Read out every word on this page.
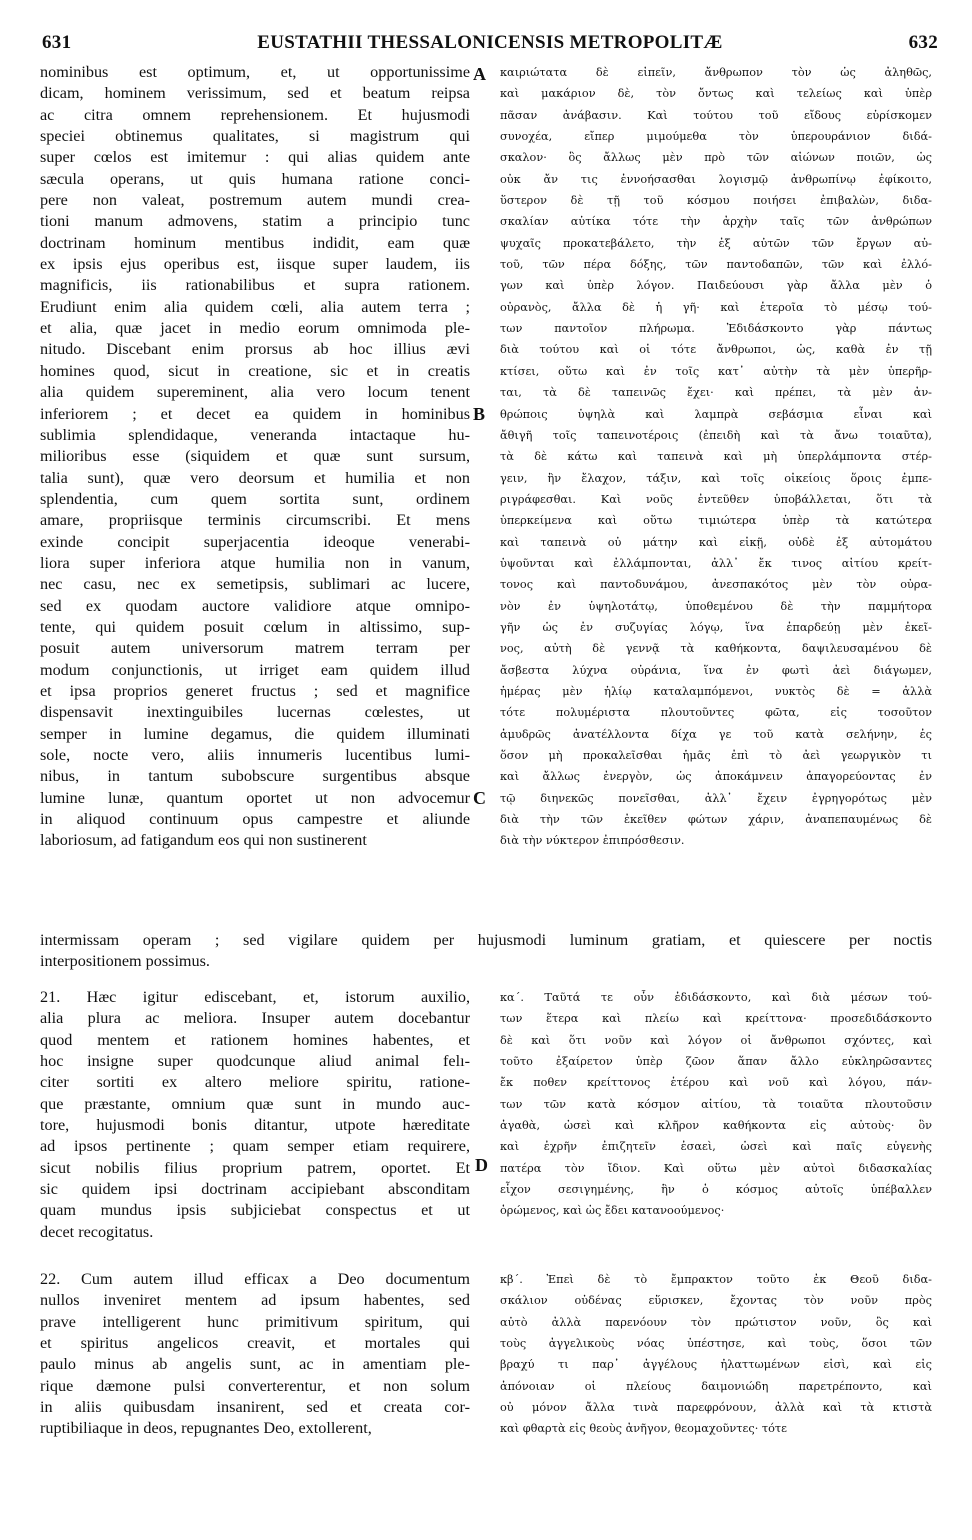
631	EUSTATHII THESSALONICENSIS METROPOLITÆ	632
A
B
C
D

nominibus est optimum, et, ut opportunissime

dicam, hominem verissimum, sed et beatum reipsa

ac citra omnem reprehensionem. Et hujusmodi

speciei obtinemus qualitates, si magistrum qui

super cœlos est imitemur : qui alias quidem ante

sæcula operans, ut quis humana ratione conci-

pere non valeat, postremum autem mundi crea-

tioni manum admovens, statim a principio tunc

doctrinam hominum mentibus indidit, eam quæ

ex ipsis ejus operibus est, iisque super laudem, iis

magnificis, iis rationabilibus et supra rationem.

Erudiunt enim alia quidem cœli, alia autem terra ;

et alia, quæ jacet in medio eorum omnimoda ple-

nitudo. Discebant enim prorsus ab hoc illius ævi

homines quod, sicut in creatione, sic et in creatis

alia quidem supereminent, alia vero locum tenent

inferiorem ; et decet ea quidem in hominibus

sublimia splendidaque, veneranda intactaque hu-

milioribus esse (siquidem et quæ sunt sursum,

talia sunt), quæ vero deorsum et humilia et non

splendentia, cum quem sortita sunt, ordinem

amare, propriisque terminis circumscribi. Et mens

exinde concipit superjacentia ideoque venerabi-

liora super inferiora atque humilia non in vanum,

nec casu, nec ex semetipsis, sublimari ac lucere,

sed ex quodam auctore validiore atque omnipo-

tente, qui quidem posuit cœlum in altissimo, sup-

posuit autem universorum matrem terram per

modum conjunctionis, ut irriget eam quidem illud

et ipsa proprios generet fructus ; sed et magnifice

dispensavit inextinguibiles lucernas cœlestes, ut

semper in lumine degamus, die quidem illuminati

sole, nocte vero, aliis innumeris lucentibus lumi-

nibus, in tantum subobscure surgentibus absque

lumine lunæ, quantum oportet ut non advocemur

in aliquod continuum opus campestre et aliunde

laboriosum, ad fatigandum eos qui non sustinerent

καιριώτατα δὲ εἰπεῖν, ἄνθρωπον τὸν ὡς ἀληθῶς,

καὶ μακάριον δὲ, τὸν ὄντως καὶ τελείως καὶ ὑπὲρ

πᾶσαν ἀνάβασιν. Καὶ τούτου τοῦ εἴδους εὑρίσκομεν

συνοχέα, εἴπερ μιμούμεθα τὸν ὑπερουράνιον διδά-

σκαλον· ὃς ἄλλως μὲν πρὸ τῶν αἰώνων ποιῶν, ὡς

οὐκ ἄν τις ἐννοήσασθαι λογισμῷ ἀνθρωπίνῳ ἐφίκοιτο,

ὕστερον δὲ τῇ τοῦ κόσμου ποιήσει ἐπιβαλὼν, διδα-

σκαλίαν αὐτίκα τότε τὴν ἀρχὴν ταῖς τῶν ἀνθρώπων

ψυχαῖς προκατεβάλετο, τὴν ἐξ αὐτῶν τῶν ἔργων αὐ-

τοῦ, τῶν πέρα δόξης, τῶν παντοδαπῶν, τῶν καὶ ἐλλό-

γων καὶ ὑπὲρ λόγον. Παιδεύουσι γὰρ ἄλλα μὲν ὁ

οὐρανὸς, ἄλλα δὲ ἡ γῆ· καὶ ἑτεροῖα τὸ μέσῳ τού-

των παντοῖον πλήρωμα. Ἐδιδάσκοντο γὰρ πάντως

διὰ τούτου καὶ οἱ τότε ἄνθρωποι, ὡς, καθὰ ἐν τῇ

κτίσει, οὕτω καὶ ἐν τοῖς κατ᾽ αὐτὴν τὰ μὲν ὑπερῆρ-

ται, τὰ δὲ ταπεινῶς ἔχει· καὶ πρέπει, τὰ μὲν ἀν-

θρώποις ὑψηλὰ καὶ λαμπρὰ σεβάσμια εἶναι καὶ

ἄθιγῆ τοῖς ταπεινοτέροις (ἐπειδὴ καὶ τὰ ἄνω τοιαῦτα),

τὰ δὲ κάτω καὶ ταπεινὰ καὶ μὴ ὑπερλάμποντα στέρ-

γειν, ἣν ἔλαχον, τάξιν, καὶ τοῖς οἰκείοις ὅροις ἐμπε-

ριγράφεσθαι. Καὶ νοῦς ἐντεῦθεν ὑποβάλλεται, ὅτι τὰ

ὑπερκείμενα καὶ οὕτω τιμιώτερα ὑπὲρ τὰ κατώτερα

καὶ ταπεινὰ οὐ μάτην καὶ εἰκῇ, οὐδὲ ἐξ αὐτομάτου

ὑψοῦνται καὶ ἐλλάμπονται, ἀλλ᾽ ἔκ τινος αἰτίου κρείτ-

τονος καὶ παντοδυνάμου, ἀνεσπακότος μὲν τὸν οὐρα-

νὸν ἐν ὑψηλοτάτῳ, ὑποθεμένου δὲ τὴν παμμήτορα

γῆν ὡς ἐν συζυγίας λόγῳ, ἵνα ἐπαρδεύῃ μὲν ἐκεῖ-

νος, αὐτὴ δὲ γεννᾷ τὰ καθήκοντα, δαψιλευσαμένου δὲ

ἄσβεστα λύχνα οὐράνια, ἵνα ἐν φωτὶ ἀεὶ διάγωμεν,

ἡμέρας μὲν ἡλίῳ καταλαμπόμενοι, νυκτὸς δὲ = ἀλλὰ

τότε πολυμέριστα πλουτοῦντες φῶτα, εἰς τοσοῦτον

ἀμυδρῶς ἀνατέλλοντα δίχα γε τοῦ κατὰ σελήνην, ἐς

ὅσον μὴ προκαλεῖσθαι ἡμᾶς ἐπὶ τὸ ἀεὶ γεωργικὸν τι

καὶ ἄλλως ἐνεργὸν, ὡς ἀποκάμνειν ἀπαγορεύοντας ἐν

τῷ διηνεκῶς πονεῖσθαι, ἀλλ᾽ ἔχειν ἐγρηγορότως μὲν

διὰ τὴν τῶν ἐκεῖθεν φώτων χάριν, ἀναπεπαυμένως δὲ

διὰ τὴν νύκτερον ἐπιπρόσθεσιν.

intermissam operam ; sed vigilare quidem per hujusmodi luminum gratiam, et quiescere per noctis

interpositionem possimus.

21. Hæc igitur ediscebant, et, istorum auxilio,

alia plura ac meliora. Insuper autem docebantur

quod mentem et rationem homines habentes, et

hoc insigne super quodcunque aliud animal felı-

citer sortiti ex altero meliore spiritu, ratione-

que præstante, omnium quæ sunt in mundo auc-

tore, hujusmodi bonis ditantur, utpote hæreditate

ad ipsos pertinente ; quam semper etiam requirere,

sicut nobilis filius proprium patrem, oportet. Et

sic quidem ipsi doctrinam accipiebant absconditam

quam mundus ipsis subjiciebat conspectus et ut

decet recogitatus.

κα΄. Ταῦτά τε οὖν ἐδιδάσκοντο, καὶ διὰ μέσων τού-

των ἕτερα καὶ πλείω καὶ κρείττονα· προσεδιδάσκοντο

δὲ καὶ ὅτι νοῦν καὶ λόγον οἱ ἄνθρωποι σχόντες, καὶ

τοῦτο ἐξαίρετον ὑπὲρ ζῶον ἅπαν ἄλλο εὐκληρῶσαντες

ἔκ ποθεν κρείττονος ἑτέρου καὶ νοῦ καὶ λόγου, πάν-

των τῶν κατὰ κόσμον αἰτίου, τὰ τοιαῦτα πλουτοῦσιν

ἀγαθὰ, ὡσεὶ καὶ κλῆρον καθήκοντα εἰς αὐτοὺς· ὃν

καὶ ἐχρῆν ἐπιζητεῖν ἐσαεὶ, ὡσεὶ καὶ παῖς εὐγενὴς

πατέρα τὸν ἴδιον. Καὶ οὕτω μὲν αὐτοὶ διδασκαλίας

εἶχον σεσιγημένης, ἣν ὁ κόσμος αὐτοῖς ὑπέβαλλεν

ὁρώμενος, καὶ ὡς ἔδει κατανοούμενος·

22. Cum autem illud efficax a Deo documentum

nullos inveniret mentem ad ipsum habentes, sed

prave intelligerent hunc primitivum spiritum, qui

et spiritus angelicos creavit, et mortales qui

paulo minus ab angelis sunt, ac in amentiam ple-

rique dæmone pulsi converterentur, et non solum

in aliis quibusdam insanirent, sed et creata cor-

ruptibiliaque in deos, repugnantes Deo, extollerent,

κβ΄. Ἐπεὶ δὲ τὸ ἔμπρακτον τοῦτο ἐκ Θεοῦ διδα-

σκάλιον οὐδένας εὕρισκεν, ἔχοντας τὸν νοῦν πρὸς

αὐτὸ ἀλλὰ παρενόουν τὸν πρώτιστον νοῦν, ὃς καὶ

τοὺς ἀγγελικοὺς νόας ὑπέστησε, καὶ τοὺς, ὅσοι τῶν

βραχύ τι παρ᾽ ἀγγέλους ἠλαττωμένων εἰσὶ, καὶ εἰς

ἀπόνοιαν οἱ πλείους δαιμονιώδη παρετρέποντο, καὶ

οὐ μόνον ἄλλα τινὰ παρεφρόνουν, ἀλλὰ καὶ τὰ κτιστὰ

καὶ φθαρτὰ εἰς θεοὺς ἀνῆγον, θεομαχοῦντες· τότε
